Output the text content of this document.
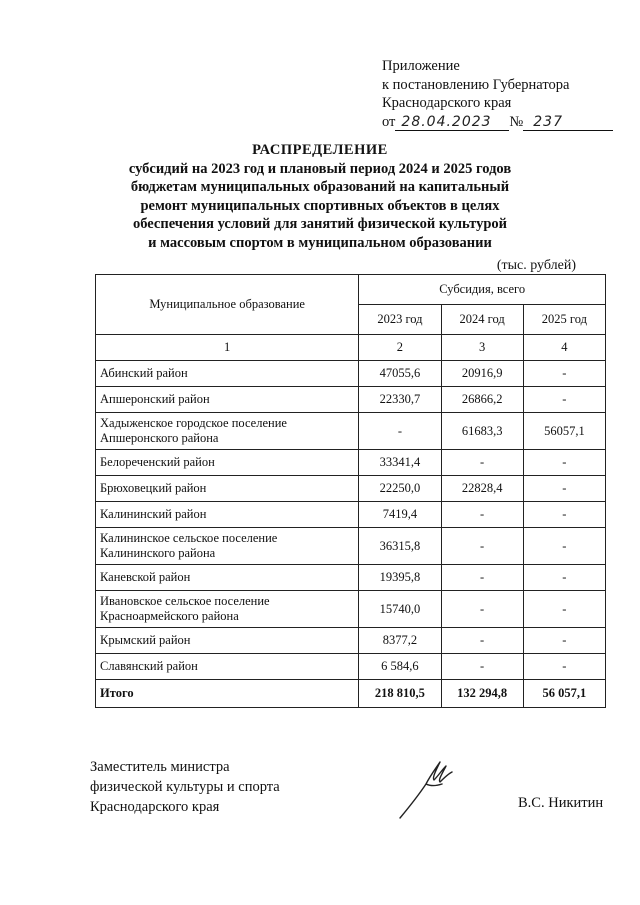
Приложение
к постановлению Губернатора
Краснодарского края
от 28.04.2023	№ 237
РАСПРЕДЕЛЕНИЕ
субсидий на 2023 год и плановый период 2024 и 2025 годов
бюджетам муниципальных образований на капитальный
ремонт муниципальных спортивных объектов в целях
обеспечения условий для занятий физической культурой
и массовым спортом в муниципальном образовании
(тыс. рублей)
Муниципальное образование	Субсидия, всего		
	2023 год	2024 год	2025 год
1	2	3	4
Абинский район	47055,6	20916,9	-
Апшеронский район	22330,7	26866,2	-
Хадыженское городское поселение Апшеронского района	-	61683,3	56057,1
Белореченский район	33341,4	-	-
Брюховецкий район	22250,0	22828,4	-
Калининский район	7419,4	-	-
Калининское сельское поселение Калининского района	36315,8	-	-
Каневской район	19395,8	-	-
Ивановское сельское поселение Красноармейского района	15740,0	-	-
Крымский район	8377,2	-	-
Славянский район	6 584,6	-	-
Итого	218 810,5	132 294,8	56 057,1
Заместитель министра
физической культуры и спорта
Краснодарского края	В.С. Никитин
